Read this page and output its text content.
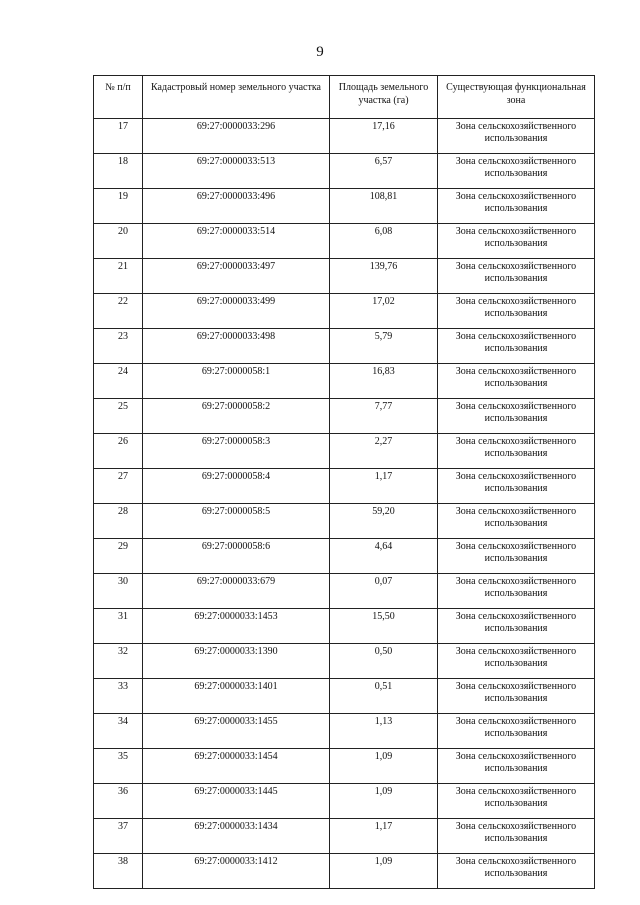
9
№ п/п	Кадастровый номер земельного участка	Площадь земельного участка (га)	Существующая функциональная зона
17	69:27:0000033:296	17,16	Зона сельскохозяйственного использования
18	69:27:0000033:513	6,57	Зона сельскохозяйственного использования
19	69:27:0000033:496	108,81	Зона сельскохозяйственного использования
20	69:27:0000033:514	6,08	Зона сельскохозяйственного использования
21	69:27:0000033:497	139,76	Зона сельскохозяйственного использования
22	69:27:0000033:499	17,02	Зона сельскохозяйственного использования
23	69:27:0000033:498	5,79	Зона сельскохозяйственного использования
24	69:27:0000058:1	16,83	Зона сельскохозяйственного использования
25	69:27:0000058:2	7,77	Зона сельскохозяйственного использования
26	69:27:0000058:3	2,27	Зона сельскохозяйственного использования
27	69:27:0000058:4	1,17	Зона сельскохозяйственного использования
28	69:27:0000058:5	59,20	Зона сельскохозяйственного использования
29	69:27:0000058:6	4,64	Зона сельскохозяйственного использования
30	69:27:0000033:679	0,07	Зона сельскохозяйственного использования
31	69:27:0000033:1453	15,50	Зона сельскохозяйственного использования
32	69:27:0000033:1390	0,50	Зона сельскохозяйственного использования
33	69:27:0000033:1401	0,51	Зона сельскохозяйственного использования
34	69:27:0000033:1455	1,13	Зона сельскохозяйственного использования
35	69:27:0000033:1454	1,09	Зона сельскохозяйственного использования
36	69:27:0000033:1445	1,09	Зона сельскохозяйственного использования
37	69:27:0000033:1434	1,17	Зона сельскохозяйственного использования
38	69:27:0000033:1412	1,09	Зона сельскохозяйственного использования
